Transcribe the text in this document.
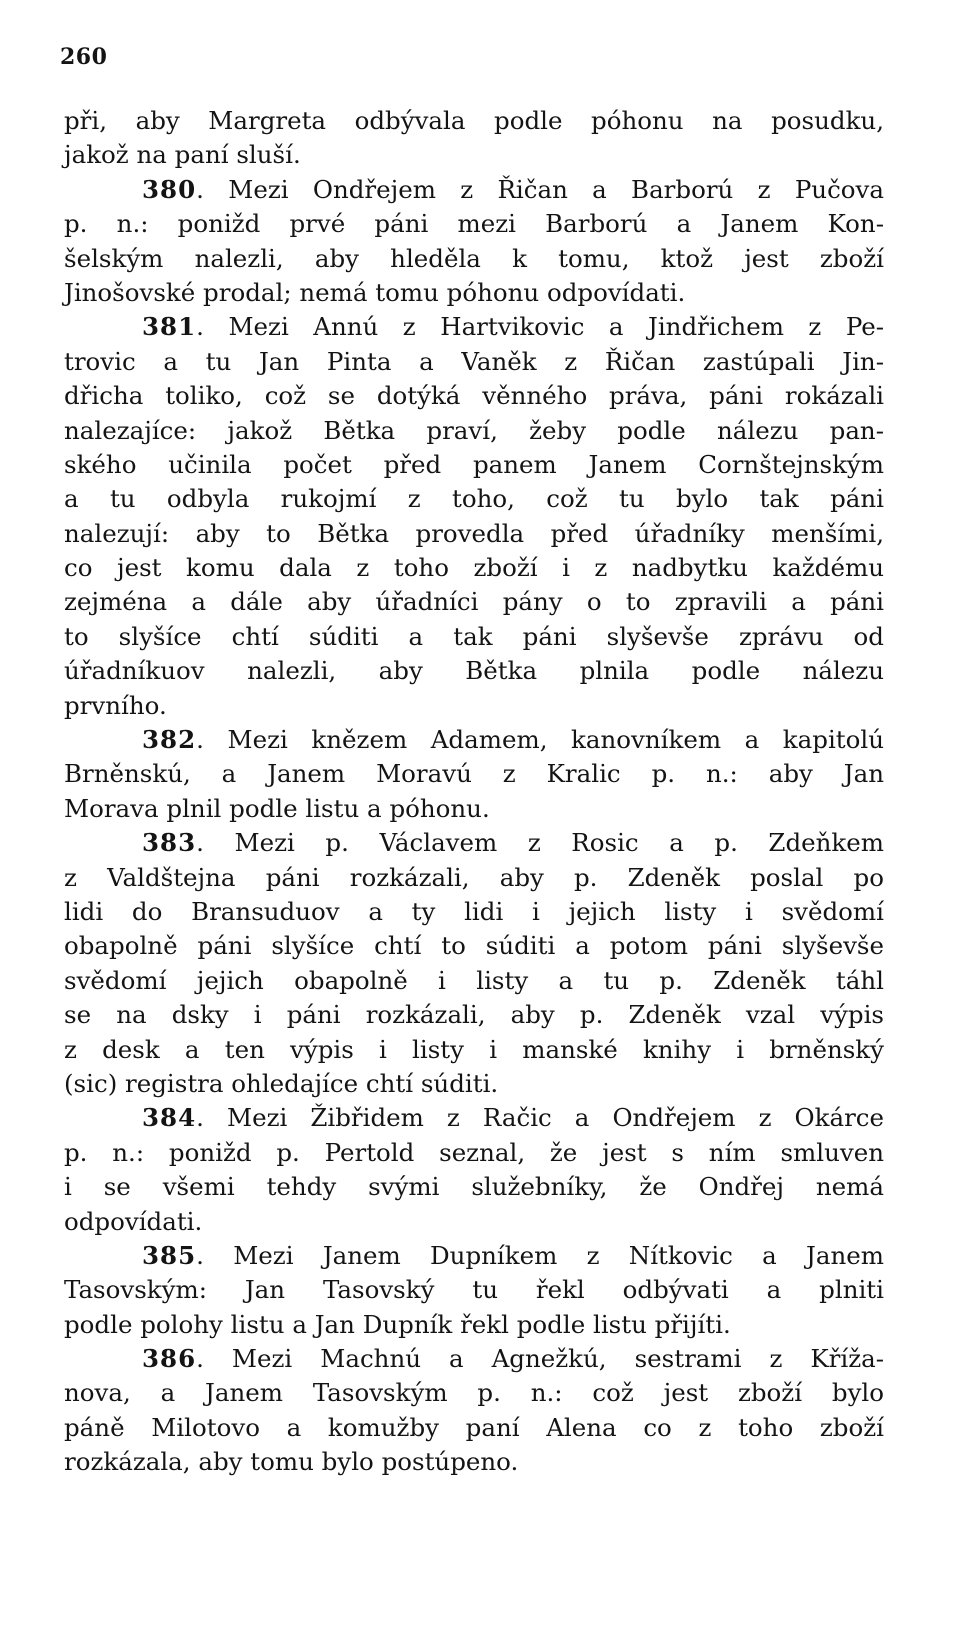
260
při, aby Margreta odbývala podle póhonu na posudku,
jakož na paní sluší.
380. Mezi Ondřejem z Řičan a Barború z Pučova
p. n.: ponižd prvé páni mezi Barború a Janem Kon-
šelským nalezli, aby hleděla k tomu, ktož jest zboží
Jinošovské prodal; nemá tomu póhonu odpovídati.
381. Mezi Annú z Hartvikovic a Jindřichem z Pe-
trovic a tu Jan Pinta a Vaněk z Řičan zastúpali Jin-
dřicha toliko, což se dotýká věnného práva, páni rokázali
nalezajíce: jakož Bětka praví, žeby podle nálezu pan-
ského učinila počet před panem Janem Cornštejnským
a tu odbyla rukojmí z toho, což tu bylo tak páni
nalezují: aby to Bětka provedla před úřadníky menšími,
co jest komu dala z toho zboží i z nadbytku každému
zejména a dále aby úřadníci pány o to zpravili a páni
to slyšíce chtí súditi a tak páni slyševše zprávu od
úřadníkuov nalezli, aby Bětka plnila podle nálezu
prvního.
382. Mezi knězem Adamem, kanovníkem a kapitolú
Brněnskú, a Janem Moravú z Kralic p. n.: aby Jan
Morava plnil podle listu a póhonu.
383. Mezi p. Václavem z Rosic a p. Zdeňkem
z Valdštejna páni rozkázali, aby p. Zdeněk poslal po
lidi do Bransuduov a ty lidi i jejich listy i svědomí
obapolně páni slyšíce chtí to súditi a potom páni slyševše
svědomí jejich obapolně i listy a tu p. Zdeněk táhl
se na dsky i páni rozkázali, aby p. Zdeněk vzal výpis
z desk a ten výpis i listy i manské knihy i brněnský
(sic) registra ohledajíce chtí súditi.
384. Mezi Žibřidem z Račic a Ondřejem z Okárce
p. n.: ponižd p. Pertold seznal, že jest s ním smluven
i se všemi tehdy svými služebníky, že Ondřej nemá
odpovídati.
385. Mezi Janem Dupníkem z Nítkovic a Janem
Tasovským: Jan Tasovský tu řekl odbývati a plniti
podle polohy listu a Jan Dupník řekl podle listu přijíti.
386. Mezi Machnú a Agnežkú, sestrami z Křížа-
nova, a Janem Tasovským p. n.: což jest zboží bylo
páně Milotovo a komužby paní Alena co z toho zboží
rozkázala, aby tomu bylo postúpeno.
